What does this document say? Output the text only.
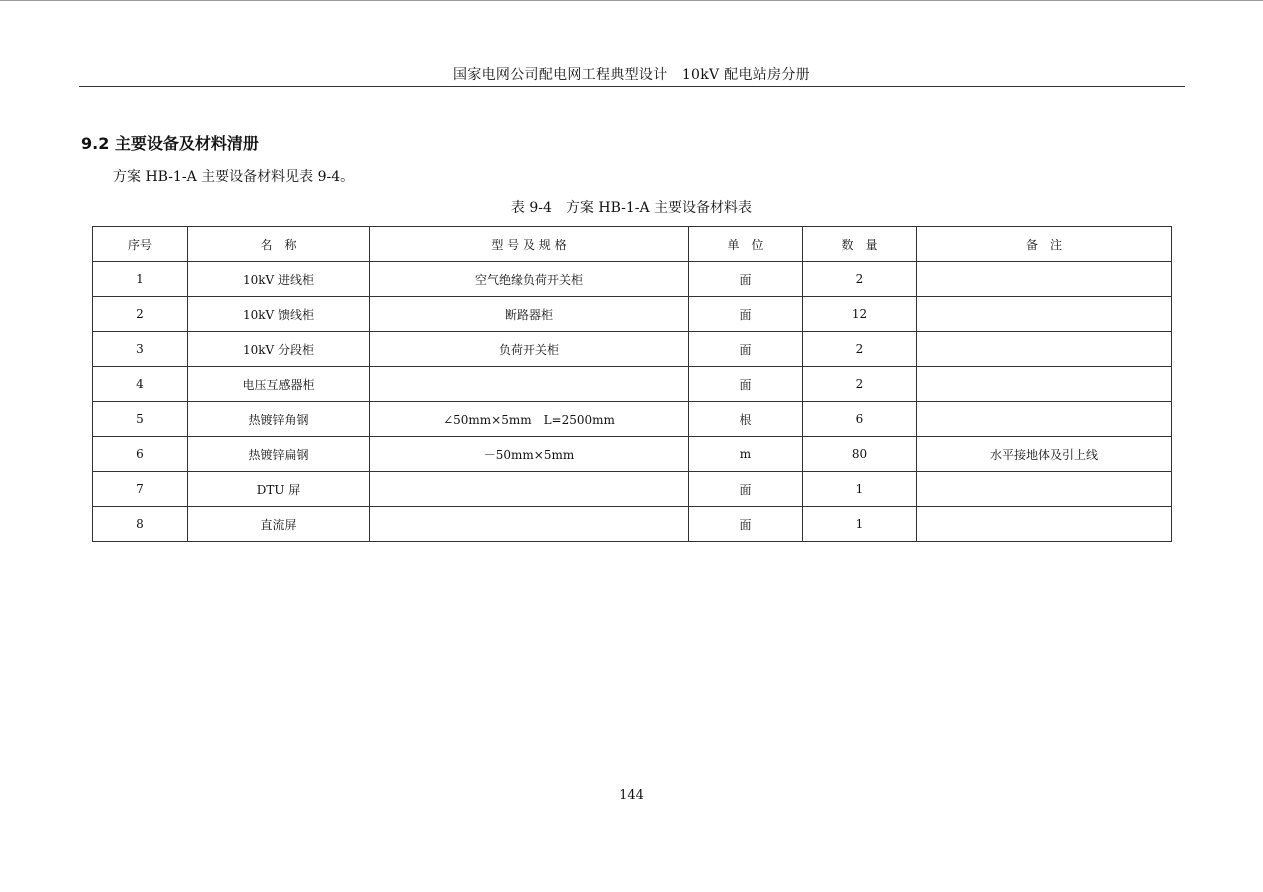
国家电网公司配电网工程典型设计　10kV 配电站房分册
9.2 主要设备及材料清册
方案 HB-1-A 主要设备材料见表 9-4。
表 9-4　方案 HB-1-A 主要设备材料表
序号	名　称	型 号 及 规 格	单　位	数　量	备　注
1	10kV 进线柜	空气绝缘负荷开关柜	面	2	
2	10kV 馈线柜	断路器柜	面	12	
3	10kV 分段柜	负荷开关柜	面	2	
4	电压互感器柜		面	2	
5	热镀锌角钢	∠50mm×5mm　L=2500mm	根	6	
6	热镀锌扁钢	－50mm×5mm	m	80	水平接地体及引上线
7	DTU 屏		面	1	
8	直流屏		面	1	
144
